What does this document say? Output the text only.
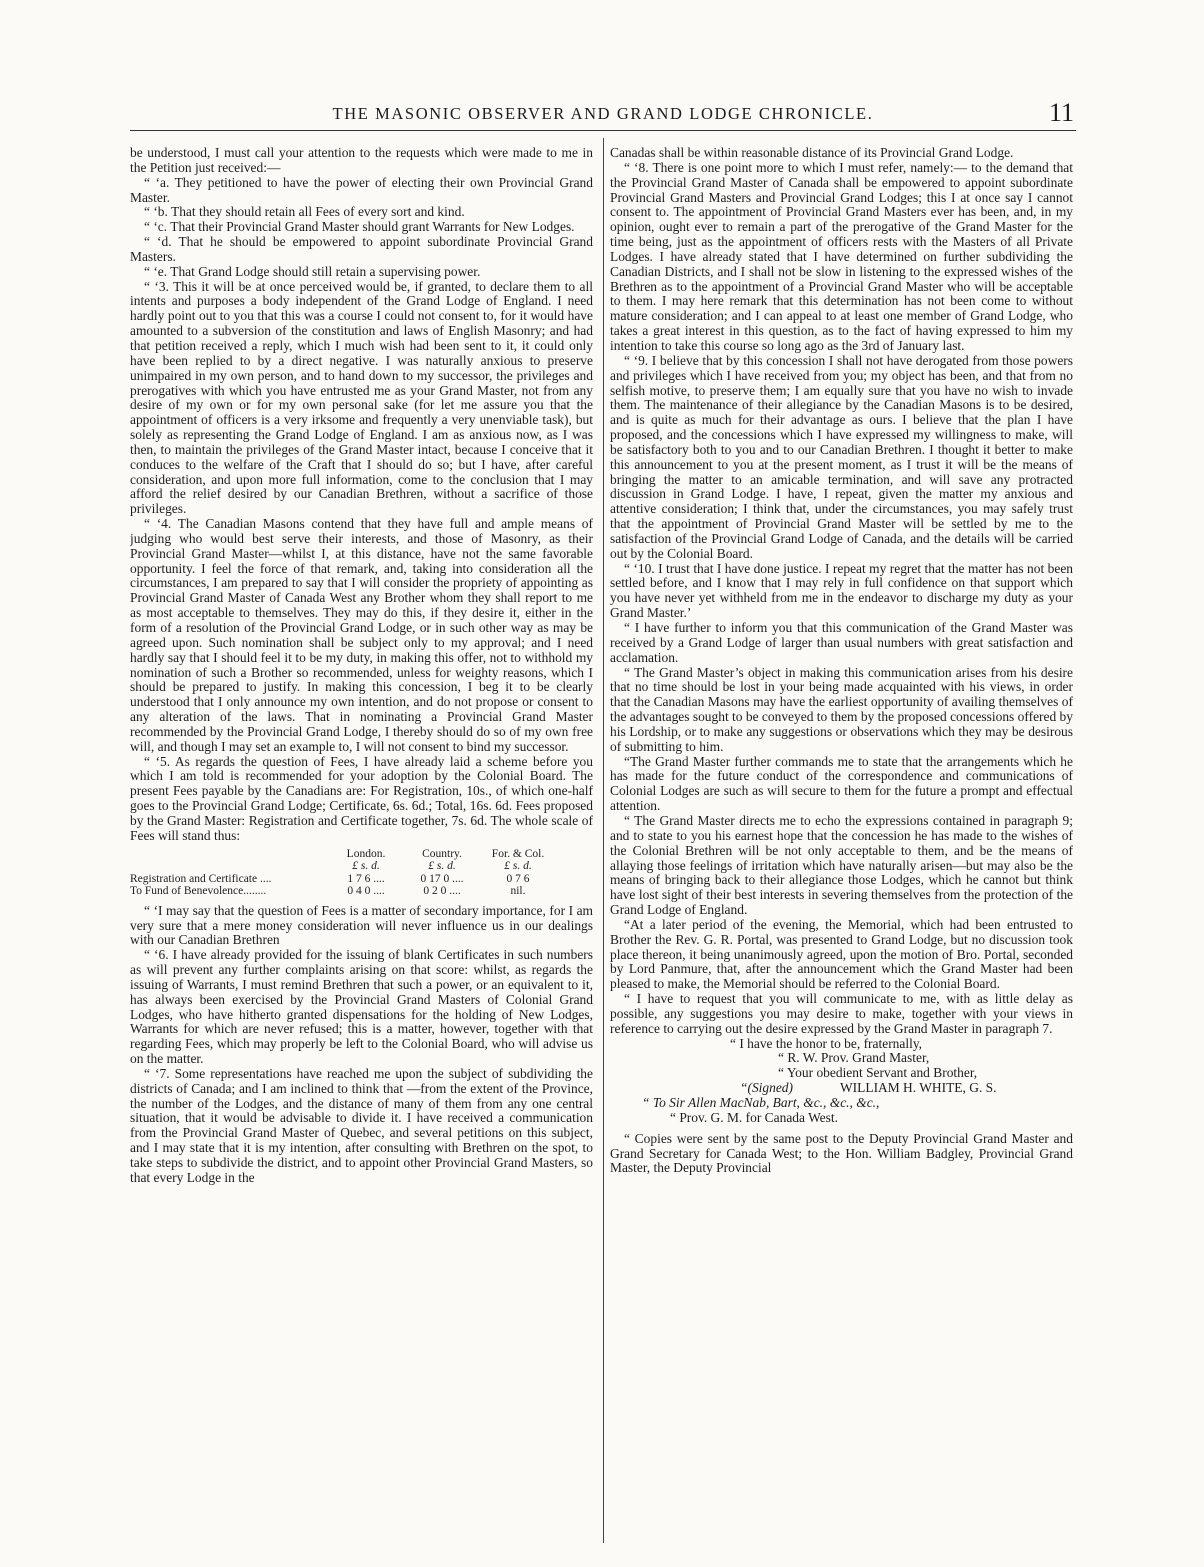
THE MASONIC OBSERVER AND GRAND LODGE CHRONICLE.	11

be understood, I must call your attention to the requests which were made to me in the Petition just received:—

“ ‘a. They petitioned to have the power of electing their own Provincial Grand Master.

“ ‘b. That they should retain all Fees of every sort and kind.

“ ‘c. That their Provincial Grand Master should grant Warrants for New Lodges.

“ ‘d. That he should be empowered to appoint subordinate Provincial Grand Masters.

“ ‘e. That Grand Lodge should still retain a supervising power.

“ ‘3. This it will be at once perceived would be, if granted, to declare them to all intents and purposes a body independent of the Grand Lodge of England. I need hardly point out to you that this was a course I could not consent to, for it would have amounted to a subversion of the constitution and laws of English Masonry; and had that petition received a reply, which I much wish had been sent to it, it could only have been replied to by a direct negative. I was naturally anxious to preserve unimpaired in my own person, and to hand down to my successor, the privileges and prerogatives with which you have entrusted me as your Grand Master, not from any desire of my own or for my own personal sake (for let me assure you that the appointment of officers is a very irksome and frequently a very unenviable task), but solely as representing the Grand Lodge of England. I am as anxious now, as I was then, to maintain the privileges of the Grand Master intact, because I conceive that it conduces to the welfare of the Craft that I should do so; but I have, after careful consideration, and upon more full information, come to the conclusion that I may afford the relief desired by our Canadian Brethren, without a sacrifice of those privileges.

“ ‘4. The Canadian Masons contend that they have full and ample means of judging who would best serve their interests, and those of Masonry, as their Provincial Grand Master—whilst I, at this distance, have not the same favorable opportunity. I feel the force of that remark, and, taking into consideration all the circumstances, I am prepared to say that I will consider the propriety of appointing as Provincial Grand Master of Canada West any Brother whom they shall report to me as most acceptable to themselves. They may do this, if they desire it, either in the form of a resolution of the Provincial Grand Lodge, or in such other way as may be agreed upon. Such nomination shall be subject only to my approval; and I need hardly say that I should feel it to be my duty, in making this offer, not to withhold my nomination of such a Brother so recommended, unless for weighty reasons, which I should be prepared to justify. In making this concession, I beg it to be clearly understood that I only announce my own intention, and do not propose or consent to any alteration of the laws. That in nominating a Provincial Grand Master recommended by the Provincial Grand Lodge, I thereby should do so of my own free will, and though I may set an example to, I will not consent to bind my successor.

“ ‘5. As regards the question of Fees, I have already laid a scheme before you which I am told is recommended for your adoption by the Colonial Board. The present Fees payable by the Canadians are: For Registration, 10s., of which one-half goes to the Provincial Grand Lodge; Certificate, 6s. 6d.; Total, 16s. 6d. Fees proposed by the Grand Master: Registration and Certificate together, 7s. 6d. The whole scale of Fees will stand thus:

London.	Country.	For. & Col.
£ s. d.	£ s. d.	£ s. d.
Registration and Certificate ....	1 7 6 ....	0 17 0 ....	0 7 6
To Fund of Benevolence........	0 4 0 ....	0 2 0 ....	nil.

“ ‘I may say that the question of Fees is a matter of secondary importance, for I am very sure that a mere money consideration will never influence us in our dealings with our Canadian Brethren

“ ‘6. I have already provided for the issuing of blank Certificates in such numbers as will prevent any further complaints arising on that score: whilst, as regards the issuing of Warrants, I must remind Brethren that such a power, or an equivalent to it, has always been exercised by the Provincial Grand Masters of Colonial Grand Lodges, who have hitherto granted dispensations for the holding of New Lodges, Warrants for which are never refused; this is a matter, however, together with that regarding Fees, which may properly be left to the Colonial Board, who will advise us on the matter.

“ ‘7. Some representations have reached me upon the subject of subdividing the districts of Canada; and I am inclined to think that —from the extent of the Province, the number of the Lodges, and the distance of many of them from any one central situation, that it would be advisable to divide it. I have received a communication from the Provincial Grand Master of Quebec, and several petitions on this subject, and I may state that it is my intention, after consulting with Brethren on the spot, to take steps to subdivide the district, and to appoint other Provincial Grand Masters, so that every Lodge in the

Canadas shall be within reasonable distance of its Provincial Grand Lodge.

“ ‘8. There is one point more to which I must refer, namely:— to the demand that the Provincial Grand Master of Canada shall be empowered to appoint subordinate Provincial Grand Masters and Provincial Grand Lodges; this I at once say I cannot consent to. The appointment of Provincial Grand Masters ever has been, and, in my opinion, ought ever to remain a part of the prerogative of the Grand Master for the time being, just as the appointment of officers rests with the Masters of all Private Lodges. I have already stated that I have determined on further subdividing the Canadian Districts, and I shall not be slow in listening to the expressed wishes of the Brethren as to the appointment of a Provincial Grand Master who will be acceptable to them. I may here remark that this determination has not been come to without mature consideration; and I can appeal to at least one member of Grand Lodge, who takes a great interest in this question, as to the fact of having expressed to him my intention to take this course so long ago as the 3rd of January last.

“ ‘9. I believe that by this concession I shall not have derogated from those powers and privileges which I have received from you; my object has been, and that from no selfish motive, to preserve them; I am equally sure that you have no wish to invade them. The maintenance of their allegiance by the Canadian Masons is to be desired, and is quite as much for their advantage as ours. I believe that the plan I have proposed, and the concessions which I have expressed my willingness to make, will be satisfactory both to you and to our Canadian Brethren. I thought it better to make this announcement to you at the present moment, as I trust it will be the means of bringing the matter to an amicable termination, and will save any protracted discussion in Grand Lodge. I have, I repeat, given the matter my anxious and attentive consideration; I think that, under the circumstances, you may safely trust that the appointment of Provincial Grand Master will be settled by me to the satisfaction of the Provincial Grand Lodge of Canada, and the details will be carried out by the Colonial Board.

“ ‘10. I trust that I have done justice. I repeat my regret that the matter has not been settled before, and I know that I may rely in full confidence on that support which you have never yet withheld from me in the endeavor to discharge my duty as your Grand Master.’

“ I have further to inform you that this communication of the Grand Master was received by a Grand Lodge of larger than usual numbers with great satisfaction and acclamation.

“ The Grand Master’s object in making this communication arises from his desire that no time should be lost in your being made acquainted with his views, in order that the Canadian Masons may have the earliest opportunity of availing themselves of the advantages sought to be conveyed to them by the proposed concessions offered by his Lordship, or to make any suggestions or observations which they may be desirous of submitting to him.

“The Grand Master further commands me to state that the arrangements which he has made for the future conduct of the correspondence and communications of Colonial Lodges are such as will secure to them for the future a prompt and effectual attention.

“ The Grand Master directs me to echo the expressions contained in paragraph 9; and to state to you his earnest hope that the concession he has made to the wishes of the Colonial Brethren will be not only acceptable to them, and be the means of allaying those feelings of irritation which have naturally arisen—but may also be the means of bringing back to their allegiance those Lodges, which he cannot but think have lost sight of their best interests in severing themselves from the protection of the Grand Lodge of England.

“At a later period of the evening, the Memorial, which had been entrusted to Brother the Rev. G. R. Portal, was presented to Grand Lodge, but no discussion took place thereon, it being unanimously agreed, upon the motion of Bro. Portal, seconded by Lord Panmure, that, after the announcement which the Grand Master had been pleased to make, the Memorial should be referred to the Colonial Board.

“ I have to request that you will communicate to me, with as little delay as possible, any suggestions you may desire to make, together with your views in reference to carrying out the desire expressed by the Grand Master in paragraph 7.

“ I have the honor to be, fraternally,
“ R. W. Prov. Grand Master,
“ Your obedient Servant and Brother,
“(Signed)	WILLIAM H. WHITE, G. S.
“ To Sir Allen MacNab, Bart, &c., &c., &c.,
“ Prov. G. M. for Canada West.

“ Copies were sent by the same post to the Deputy Provincial Grand Master and Grand Secretary for Canada West; to the Hon. William Badgley, Provincial Grand Master, the Deputy Provincial
